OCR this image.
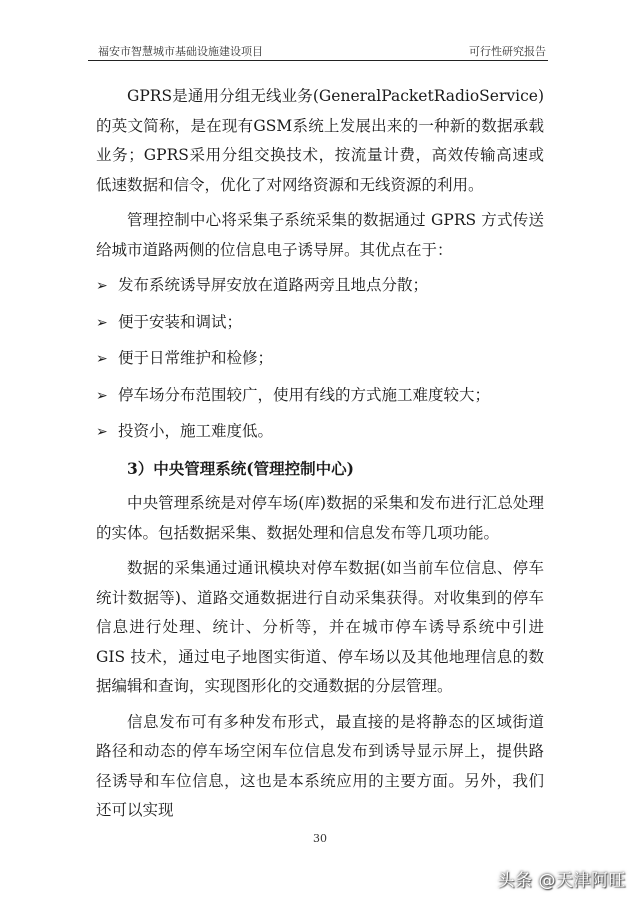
福安市智慧城市基础设施建设项目	可行性研究报告

GPRS是通用分组无线业务(GeneralPacketRadioService)的英文简称，是在现有GSM系统上发展出来的一种新的数据承载业务；GPRS采用分组交换技术，按流量计费，高效传输高速或低速数据和信令，优化了对网络资源和无线资源的利用。

管理控制中心将采集子系统采集的数据通过 GPRS 方式传送给城市道路两侧的位信息电子诱导屏。其优点在于：

➢ 发布系统诱导屏安放在道路两旁且地点分散；
➢ 便于安装和调试；
➢ 便于日常维护和检修；
➢ 停车场分布范围较广，使用有线的方式施工难度较大；
➢ 投资小，施工难度低。

3）中央管理系统(管理控制中心)

中央管理系统是对停车场(库)数据的采集和发布进行汇总处理的实体。包括数据采集、数据处理和信息发布等几项功能。

数据的采集通过通讯模块对停车数据(如当前车位信息、停车统计数据等)、道路交通数据进行自动采集获得。对收集到的停车信息进行处理、统计、分析等，并在城市停车诱导系统中引进 GIS 技术，通过电子地图实街道、停车场以及其他地理信息的数据编辑和查询，实现图形化的交通数据的分层管理。

信息发布可有多种发布形式，最直接的是将静态的区域街道路径和动态的停车场空闲车位信息发布到诱导显示屏上，提供路径诱导和车位信息，这也是本系统应用的主要方面。另外，我们还可以实现

30
头条 @天津阿旺
